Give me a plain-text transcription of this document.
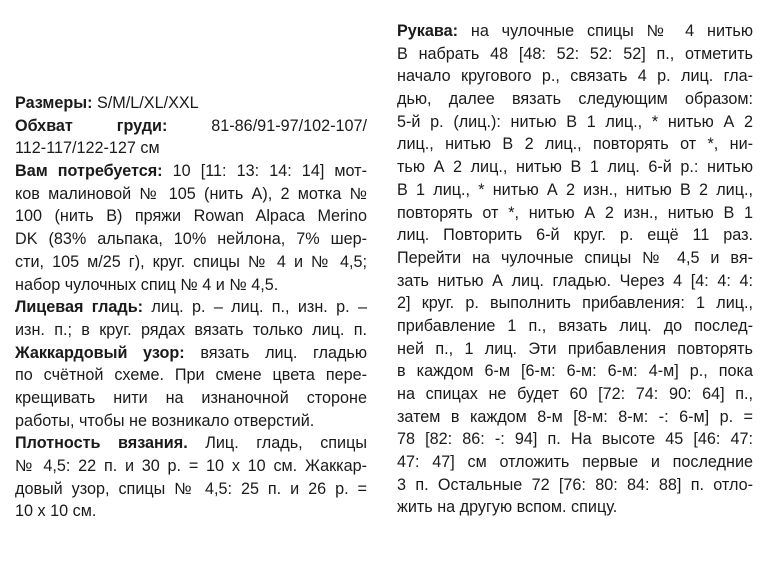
Размеры: S/M/L/XL/XXL
Обхват груди: 81-86/91-97/102-107/
112-117/122-127 см
Вам потребуется: 10 [11: 13: 14: 14] мот-
ков малиновой № 105 (нить А), 2 мотка №
100 (нить В) пряжи Rowan Alpaca Merino
DK (83% альпака, 10% нейлона, 7% шер-
сти, 105 м/25 г), круг. спицы № 4 и № 4,5;
набор чулочных спиц № 4 и № 4,5.
Лицевая гладь: лиц. р. – лиц. п., изн. р. –
изн. п.; в круг. рядах вязать только лиц. п.
Жаккардовый узор: вязать лиц. гладью
по счётной схеме. При смене цвета пере-
крещивать нити на изнаночной стороне
работы, чтобы не возникало отверстий.
Плотность вязания. Лиц. гладь, спицы
№ 4,5: 22 п. и 30 р. = 10 х 10 см. Жаккар-
довый узор, спицы № 4,5: 25 п. и 26 р. =
10 х 10 см.
Рукава: на чулочные спицы № 4 нитью
В набрать 48 [48: 52: 52: 52] п., отметить
начало кругового р., связать 4 р. лиц. гла-
дью, далее вязать следующим образом:
5-й р. (лиц.): нитью В 1 лиц., * нитью А 2
лиц., нитью В 2 лиц., повторять от *, ни-
тью А 2 лиц., нитью В 1 лиц. 6-й р.: нитью
В 1 лиц., * нитью А 2 изн., нитью В 2 лиц.,
повторять от *, нитью А 2 изн., нитью В 1
лиц. Повторить 6-й круг. р. ещё 11 раз.
Перейти на чулочные спицы № 4,5 и вя-
зать нитью А лиц. гладью. Через 4 [4: 4: 4:
2] круг. р. выполнить прибавления: 1 лиц.,
прибавление 1 п., вязать лиц. до послед-
ней п., 1 лиц. Эти прибавления повторять
в каждом 6-м [6-м: 6-м: 6-м: 4-м] р., пока
на спицах не будет 60 [72: 74: 90: 64] п.,
затем в каждом 8-м [8-м: 8-м: -: 6-м] р. =
78 [82: 86: -: 94] п. На высоте 45 [46: 47:
47: 47] см отложить первые и последние
3 п. Остальные 72 [76: 80: 84: 88] п. отло-
жить на другую вспом. спицу.
